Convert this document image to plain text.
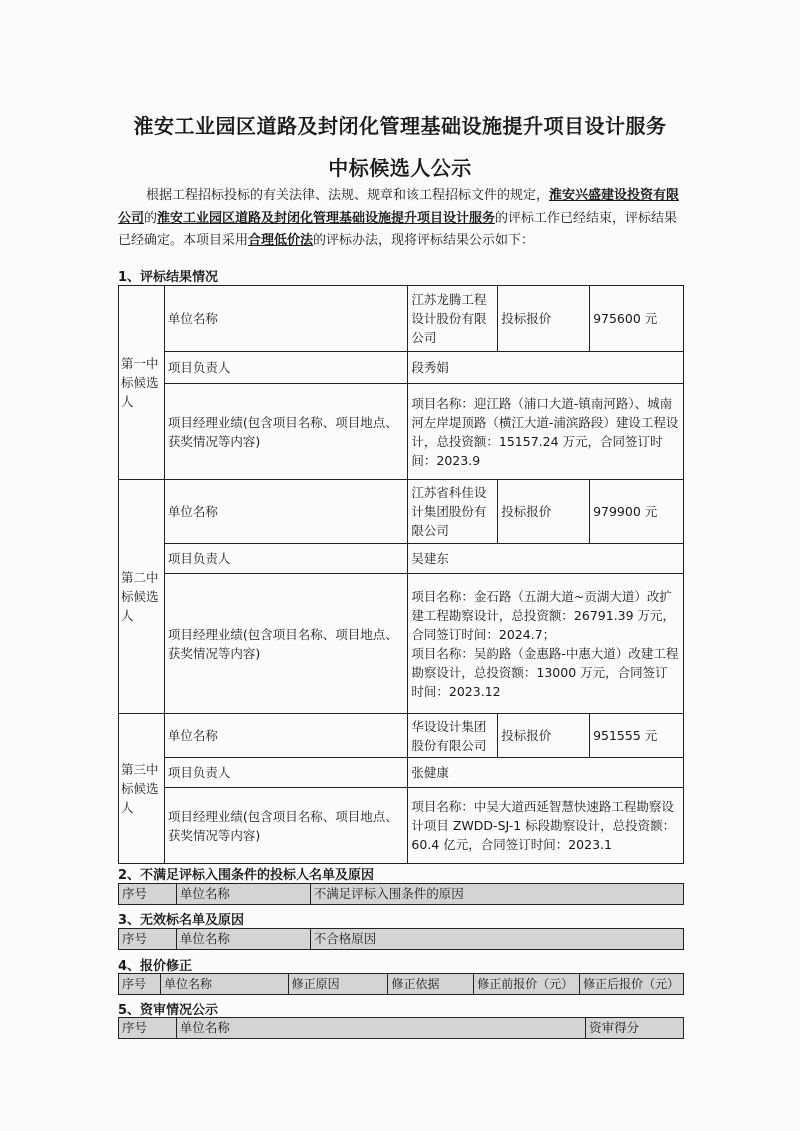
淮安工业园区道路及封闭化管理基础设施提升项目设计服务
中标候选人公示
根据工程招标投标的有关法律、法规、规章和该工程招标文件的规定，淮安兴盛建设投资有限公司的淮安工业园区道路及封闭化管理基础设施提升项目设计服务的评标工作已经结束，评标结果已经确定。本项目采用合理低价法的评标办法，现将评标结果公示如下：
1、评标结果情况
第一中标候选人	单位名称	江苏龙腾工程设计股份有限公司	投标报价	975600 元
	项目负责人	段秀娟		
	项目经理业绩(包含项目名称、项目地点、获奖情况等内容)	项目名称：迎江路（浦口大道-镇南河路）、城南河左岸堤顶路（横江大道-浦滨路段）建设工程设计，总投资额：15157.24 万元，合同签订时间：2023.9		

第二中标候选人	单位名称	江苏省科佳设计集团股份有限公司	投标报价	979900 元
	项目负责人	吴建东		
	项目经理业绩(包含项目名称、项目地点、获奖情况等内容)	项目名称：金石路（五湖大道~贡湖大道）改扩建工程勘察设计，总投资额：26791.39 万元，合同签订时间：2024.7；
项目名称：吴韵路（金惠路-中惠大道）改建工程勘察设计，总投资额：13000 万元，合同签订时间：2023.12		

第三中标候选人	单位名称	华设设计集团股份有限公司	投标报价	951555 元
	项目负责人	张健康		
	项目经理业绩(包含项目名称、项目地点、获奖情况等内容)	项目名称：中吴大道西延智慧快速路工程勘察设计项目 ZWDD-SJ-1 标段勘察设计，总投资额：60.4 亿元，合同签订时间：2023.1		
2、不满足评标入围条件的投标人名单及原因
序号	单位名称	不满足评标入围条件的原因
3、无效标名单及原因
序号	单位名称	不合格原因
4、报价修正
序号	单位名称	修正原因	修正依据	修正前报价（元）	修正后报价（元）
5、资审情况公示
序号	单位名称	资审得分
